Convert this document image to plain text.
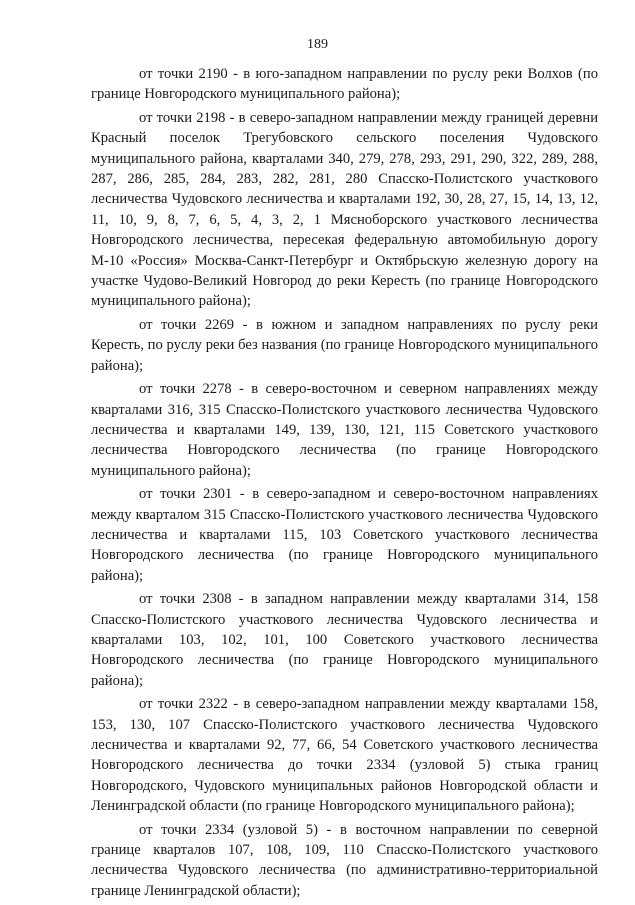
189

от точки 2190 - в юго-западном направлении по руслу реки Волхов (по границе Новгородского муниципального района);

от точки 2198 - в северо-западном направлении между границей деревни Красный поселок Трегубовского сельского поселения Чудовского муниципального района, кварталами 340, 279, 278, 293, 291, 290, 322, 289, 288, 287, 286, 285, 284, 283, 282, 281, 280 Спасско-Полистского участкового лесничества Чудовского лесничества и кварталами 192, 30, 28, 27, 15, 14, 13, 12, 11, 10, 9, 8, 7, 6, 5, 4, 3, 2, 1 Мясноборского участкового лесничества Новгородского лесничества, пересекая федеральную автомобильную дорогу М-10 «Россия» Москва-Санкт-Петербург и Октябрьскую железную дорогу на участке Чудово-Великий Новгород до реки Кересть (по границе Новгородского муниципального района);

от точки 2269 - в южном и западном направлениях по руслу реки Кересть, по руслу реки без названия (по границе Новгородского муниципального района);

от точки 2278 - в северо-восточном и северном направлениях между кварталами 316, 315 Спасско-Полистского участкового лесничества Чудовского лесничества и кварталами 149, 139, 130, 121, 115 Советского участкового лесничества Новгородского лесничества (по границе Новгородского муниципального района);

от точки 2301 - в северо-западном и северо-восточном направлениях между кварталом 315 Спасско-Полистского участкового лесничества Чудовского лесничества и кварталами 115, 103 Советского участкового лесничества Новгородского лесничества (по границе Новгородского муниципального района);

от точки 2308 - в западном направлении между кварталами 314, 158 Спасско-Полистского участкового лесничества Чудовского лесничества и кварталами 103, 102, 101, 100 Советского участкового лесничества Новгородского лесничества (по границе Новгородского муниципального района);

от точки 2322 - в северо-западном направлении между кварталами 158, 153, 130, 107 Спасско-Полистского участкового лесничества Чудовского лесничества и кварталами 92, 77, 66, 54 Советского участкового лесничества Новгородского лесничества до точки 2334 (узловой 5) стыка границ Новгородского, Чудовского муниципальных районов Новгородской области и Ленинградской области (по границе Новгородского муниципального района);

от точки 2334 (узловой 5) - в восточном направлении по северной границе кварталов 107, 108, 109, 110 Спасско-Полистского участкового лесничества Чудовского лесничества (по административно-территориальной границе Ленинградской области);
